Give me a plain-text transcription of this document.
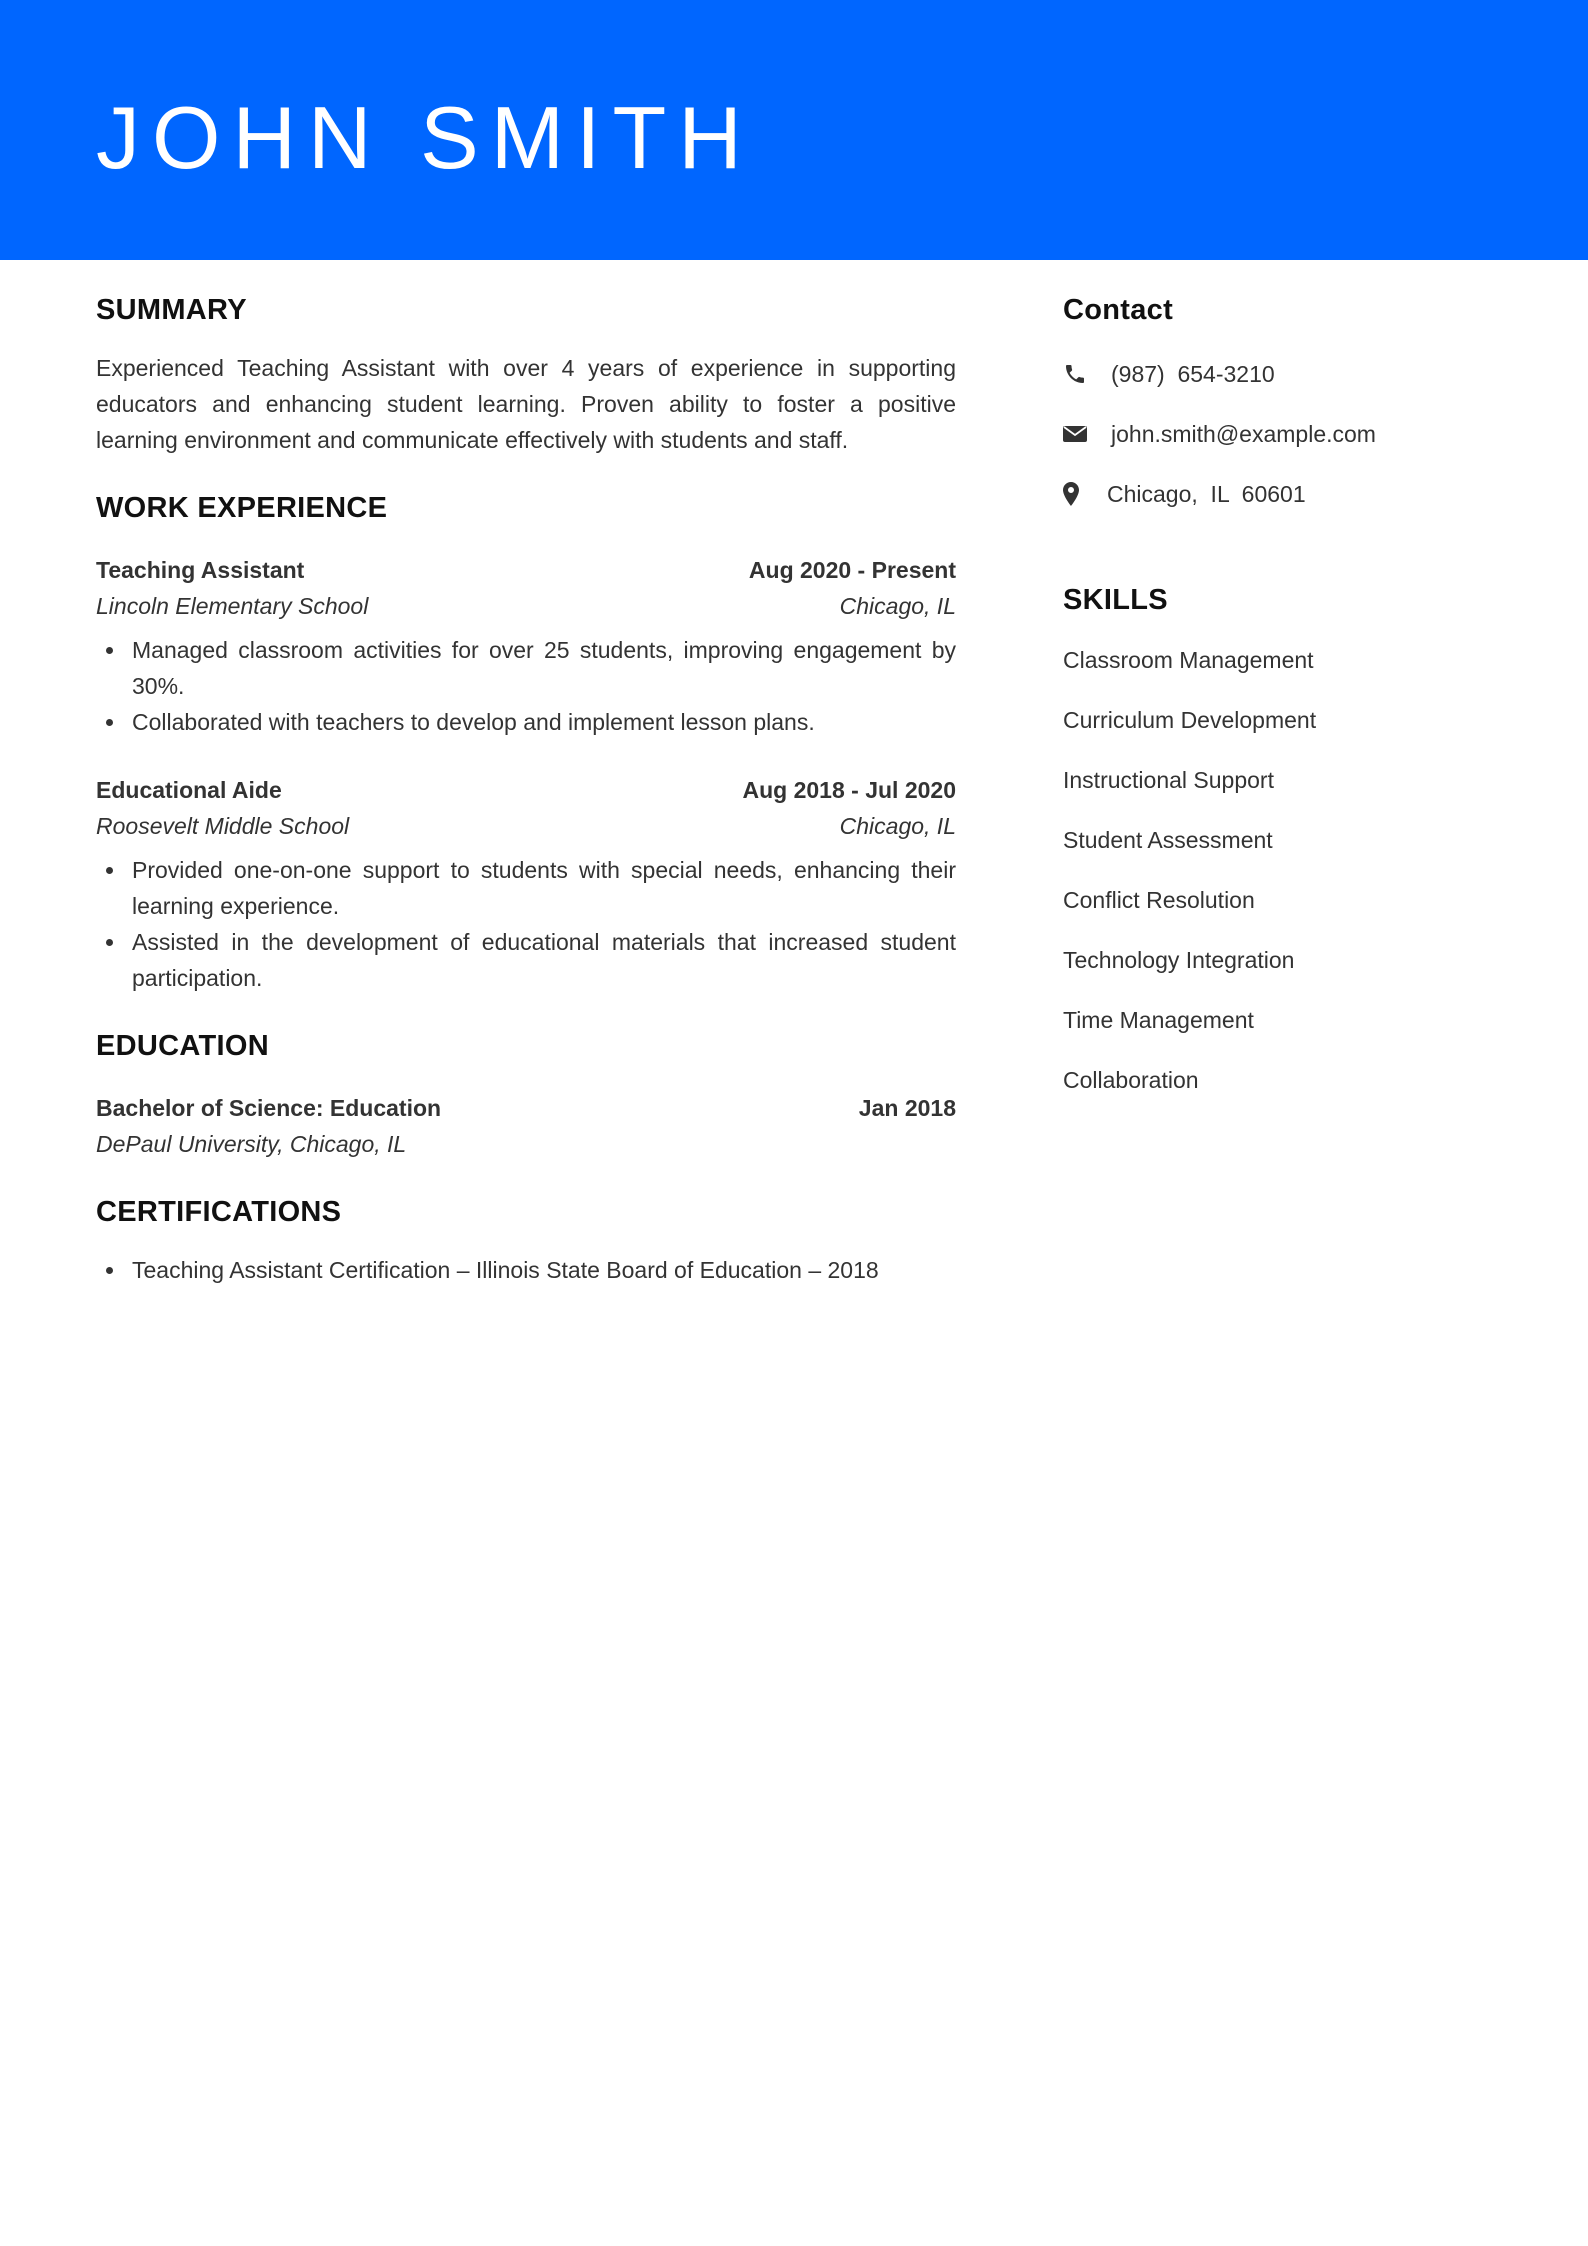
JOHN SMITH
SUMMARY

Experienced Teaching Assistant with over 4 years of experience in supporting educators and enhancing student learning. Proven ability to foster a positive learning environment and communicate effectively with students and staff.

WORK EXPERIENCE
Teaching Assistant	Aug 2020 - Present
Lincoln Elementary School	Chicago, IL
Managed classroom activities for over 25 students, improving engagement by 30%.
Collaborated with teachers to develop and implement lesson plans.
Educational Aide	Aug 2018 - Jul 2020
Roosevelt Middle School	Chicago, IL
Provided one-on-one support to students with special needs, enhancing their learning experience.
Assisted in the development of educational materials that increased student participation.
EDUCATION
Bachelor of Science: Education	Jan 2018
DePaul University, Chicago, IL
CERTIFICATIONS
Teaching Assistant Certification – Illinois State Board of Education – 2018
Contact
(987)  654-3210
john.smith@example.com
Chicago,  IL  60601
SKILLS
Classroom Management
Curriculum Development
Instructional Support
Student Assessment
Conflict Resolution
Technology Integration
Time Management
Collaboration
